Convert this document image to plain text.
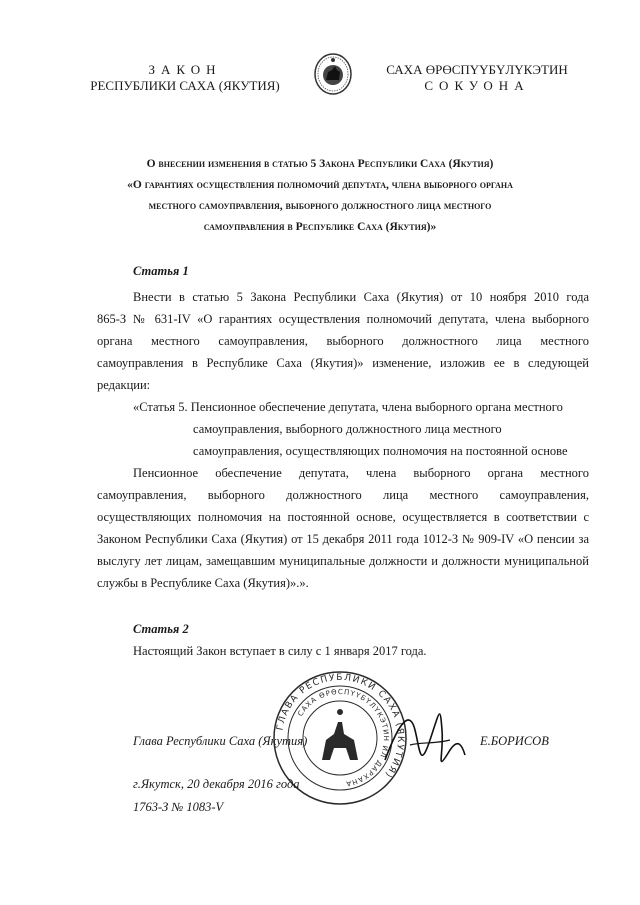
ЗАКОН
РЕСПУБЛИКИ САХА (ЯКУТИЯ)
САХА ӨРӨСПҮҮБҮЛҮКЭТИН
СОКУОНА
О внесении изменения в статью 5 Закона Республики Саха (Якутия)
«О гарантиях осуществления полномочий депутата, члена выборного органа
местного самоуправления, выборного должностного лица местного
самоуправления в Республике Саха (Якутия)»
Статья 1
Внести в статью 5 Закона Республики Саха (Якутия) от 10 ноября 2010 года
865-З № 631-IV «О гарантиях осуществления полномочий депутата, члена выборного
органа местного самоуправления, выборного должностного лица местного
самоуправления в Республике Саха (Якутия)» изменение, изложив ее в следующей
редакции:
«Статья 5. Пенсионное обеспечение депутата, члена выборного органа местного
самоуправления, выборного должностного лица местного
самоуправления, осуществляющих полномочия на постоянной основе
Пенсионное обеспечение депутата, члена выборного органа местного
самоуправления, выборного должностного лица местного самоуправления,
осуществляющих полномочия на постоянной основе, осуществляется в соответствии с
Законом Республики Саха (Якутия) от 15 декабря 2011 года 1012-З № 909-IV «О пенсии за
выслугу лет лицам, замещавшим муниципальные должности и должности муниципальной
службы в Республике Саха (Якутия)».».
Статья 2
Настоящий Закон вступает в силу с 1 января 2017 года.
ГЛАВА РЕСПУБЛИКИ САХА (ЯКУТИЯ)
САХА ӨРӨСПҮҮБҮЛҮКЭТИН ИЛ ДАРХАНА
Глава Республики Саха (Якутия)	Е.БОРИСОВ
г.Якутск, 20 декабря 2016 года
1763-З № 1083-V
